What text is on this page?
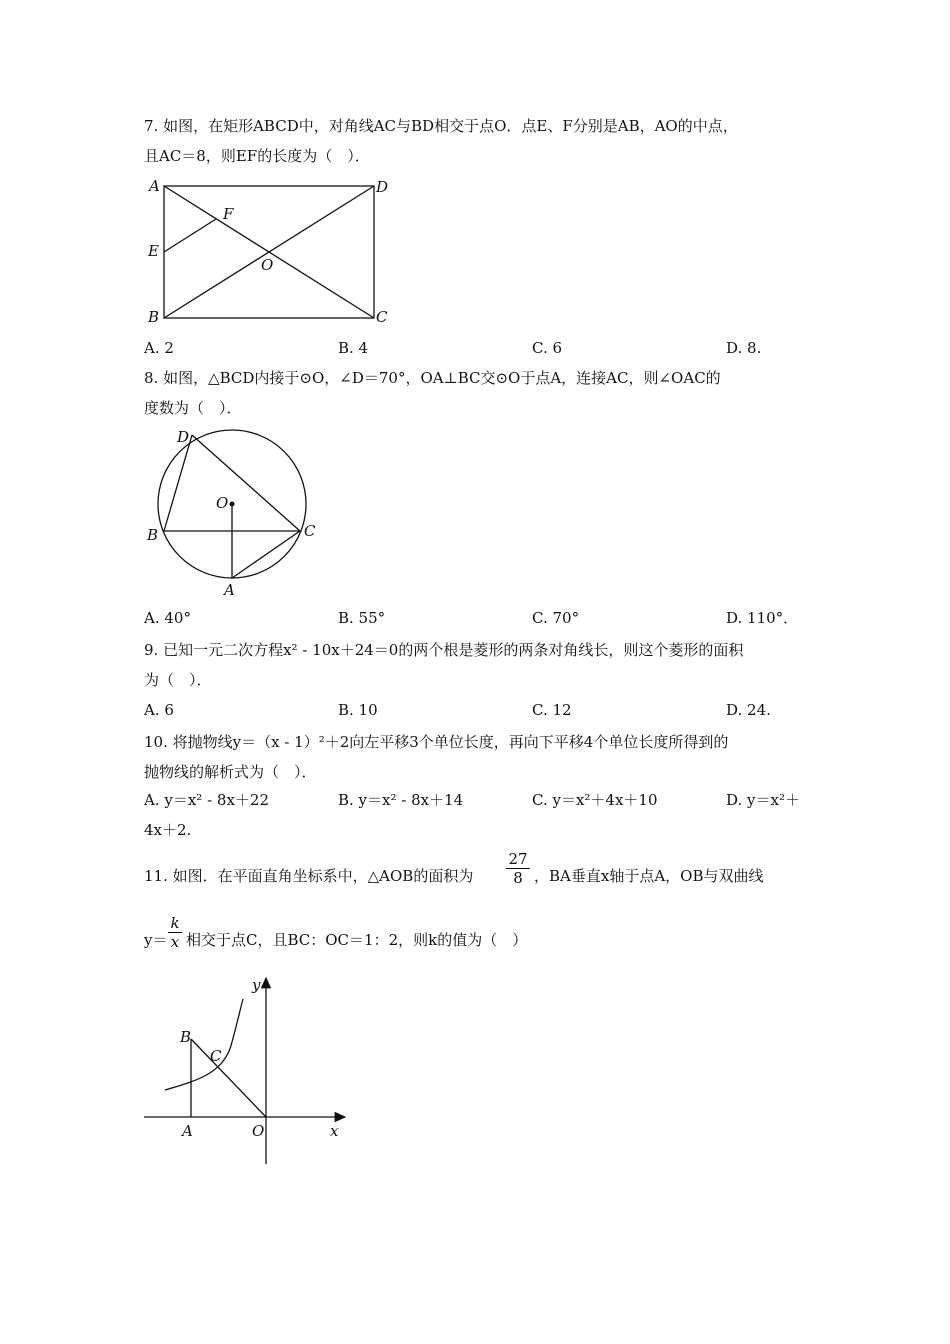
7. 如图，在矩形ABCD中，对角线AC与BD相交于点O．点E、F分别是AB，AO的中点，
且AC＝8，则EF的长度为（　）．
A	D
E
F
O
B	C
A. 2	B. 4	C. 6	D. 8.
8. 如图，△BCD内接于⊙O，∠D＝70°，OA⊥BC交⊙O于点A，连接AC，则∠OAC的
度数为（　）．
D
O
B	C
A
A. 40°	B. 55°	C. 70°	D. 110°．
9. 已知一元二次方程x² ‑ 10x＋24＝0的两个根是菱形的两条对角线长，则这个菱形的面积
为（　）．
A. 6	B. 10	C. 12	D. 24.
10. 将抛物线y＝（x ‑ 1）²＋2向左平移3个单位长度，再向下平移4个单位长度所得到的
抛物线的解析式为（　）．
A. y＝x² ‑ 8x＋22	B. y＝x² ‑ 8x＋14	C. y＝x²＋4x＋10	D. y＝x²＋
4x＋2.
11. 如图．在平面直角坐标系中，△AOB的面积为 $\frac{27}{8}$ ，BA垂直x轴于点A，OB与双曲线
$y= \frac{k}{x}$ 相交于点C，且BC：OC＝1：2，则k的值为（　）
B
C
A	O	x
y
